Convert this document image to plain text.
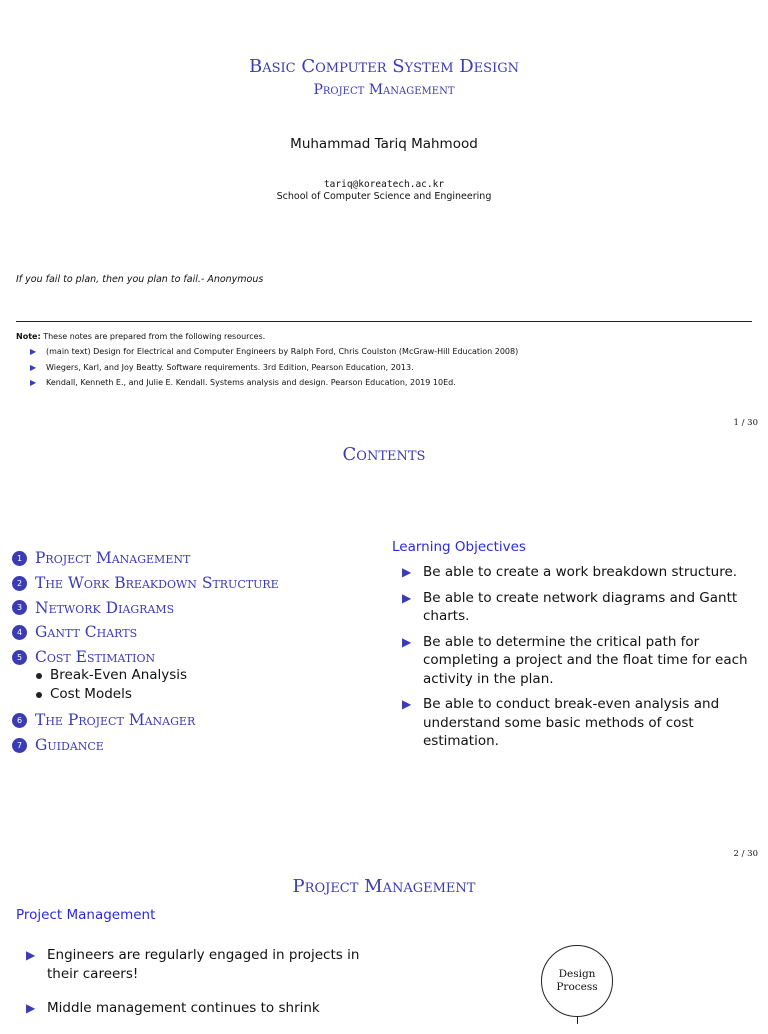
Basic Computer System Design
Project Management
Muhammad Tariq Mahmood
tariq@koreatech.ac.kr
School of Computer Science and Engineering
If you fail to plan, then you plan to fail.- Anonymous
Note: These notes are prepared from the following resources.
▶ (main text) Design for Electrical and Computer Engineers by Ralph Ford, Chris Coulston (McGraw-Hill Education 2008)
▶ Wiegers, Karl, and Joy Beatty. Software requirements. 3rd Edition, Pearson Education, 2013.
▶ Kendall, Kenneth E., and Julie E. Kendall. Systems analysis and design. Pearson Education, 2019 10Ed.
1 / 30
Contents
1 Project Management
2 The Work Breakdown Structure
3 Network Diagrams
4 Gantt Charts
5 Cost Estimation
6 The Project Manager
7 Guidance
Break-Even Analysis
Cost Models
Learning Objectives
▶ Be able to create a work breakdown structure.
▶ Be able to create network diagrams and Gantt charts.
▶ Be able to determine the critical path for completing a project and the float time for each activity in the plan.
▶ Be able to conduct break-even analysis and understand some basic methods of cost estimation.
2 / 30
Project Management
Project Management
▶ Engineers are regularly engaged in projects in their careers!
▶ Middle management continues to shrink
Design
Process
